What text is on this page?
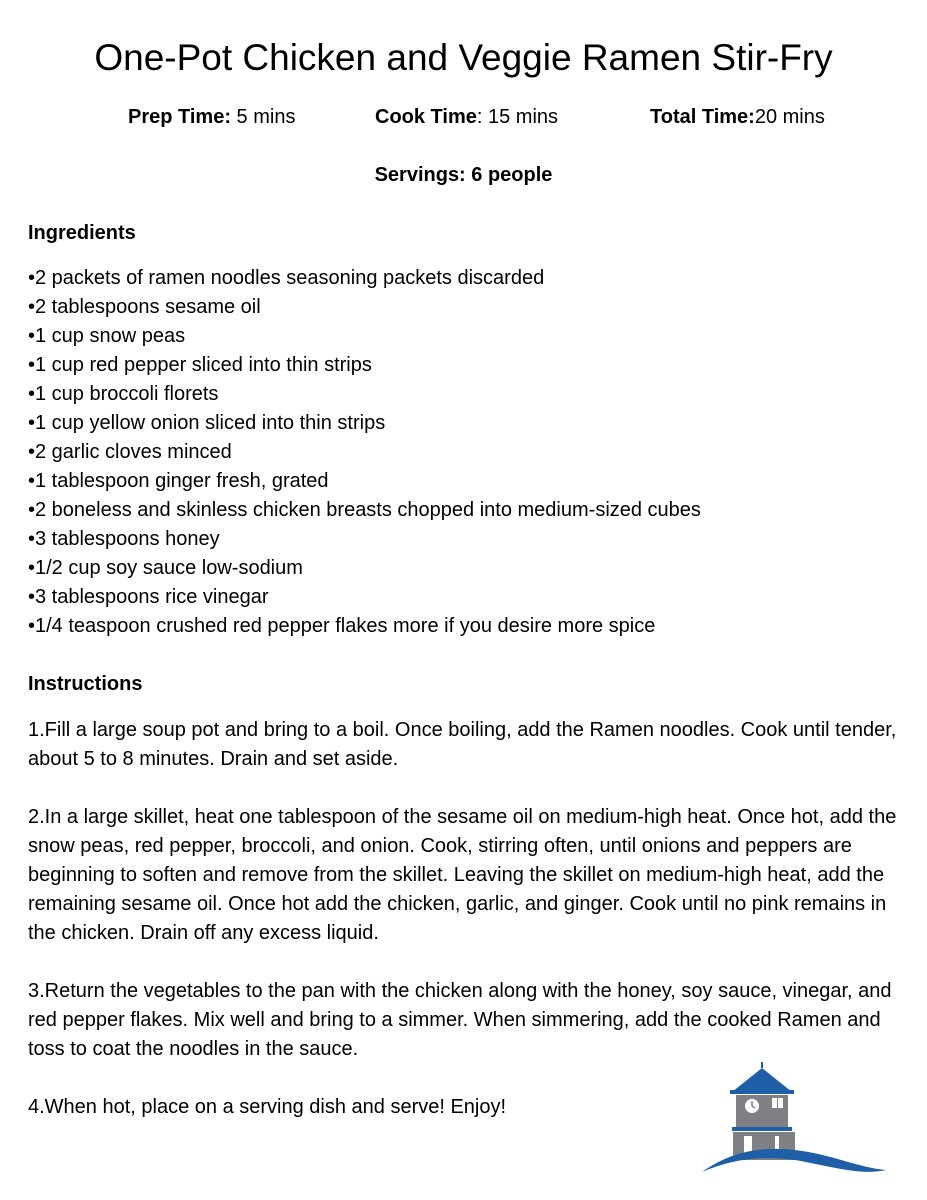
One-Pot Chicken and Veggie Ramen Stir-Fry
Prep Time: 5 mins	Cook Time: 15 mins	Total Time:20 mins
Servings: 6 people
Ingredients
•2 packets of ramen noodles seasoning packets discarded
•2 tablespoons sesame oil
•1 cup snow peas
•1 cup red pepper sliced into thin strips
•1 cup broccoli florets
•1 cup yellow onion sliced into thin strips
•2 garlic cloves minced
•1 tablespoon ginger fresh, grated
•2 boneless and skinless chicken breasts chopped into medium-sized cubes
•3 tablespoons honey
•1/2 cup soy sauce low-sodium
•3 tablespoons rice vinegar
•1/4 teaspoon crushed red pepper flakes more if you desire more spice
Instructions

1.Fill a large soup pot and bring to a boil. Once boiling, add the Ramen noodles. Cook until tender, about 5 to 8 minutes. Drain and set aside.

2.In a large skillet, heat one tablespoon of the sesame oil on medium-high heat. Once hot, add the snow peas, red pepper, broccoli, and onion. Cook, stirring often, until onions and peppers are beginning to soften and remove from the skillet. Leaving the skillet on medium-high heat, add the remaining sesame oil. Once hot add the chicken, garlic, and ginger. Cook until no pink remains in the chicken. Drain off any excess liquid.

3.Return the vegetables to the pan with the chicken along with the honey, soy sauce, vinegar, and red pepper flakes. Mix well and bring to a simmer. When simmering, add the cooked Ramen and toss to coat the noodles in the sauce.

4.When hot, place on a serving dish and serve! Enjoy!
